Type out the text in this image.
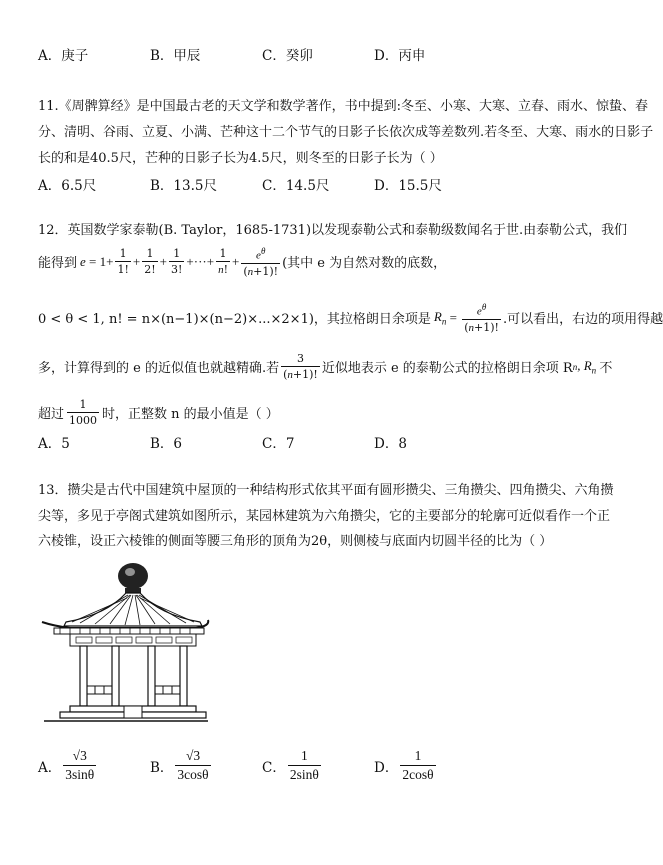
A．庚子	B．甲辰	C．癸卯	D．丙申
11.《周髀算经》是中国最古老的天文学和数学著作，书中提到:冬至、小寒、大寒、立春、雨水、惊蛰、春
分、清明、谷雨、立夏、小满、芒种这十二个节气的日影子长依次成等差数列.若冬至、大寒、雨水的日影子
长的和是40.5尺，芒种的日影子长为4.5尺，则冬至的日影子长为（ ）
A．6.5尺	B．13.5尺	C．14.5尺	D．15.5尺
12．英国数学家泰勒(B. Taylor，1685-1731)以发现泰勒公式和泰勒级数闻名于世.由泰勒公式，我们
能得到 $e = 1+ \frac{1}{1!} + \frac{1}{2!} + \frac{1}{3!}$ +···+ $\frac{1}{n!} + \frac{e^\theta}{(n+1)!}$ (其中 e 为自然对数的底数，
0 < θ < 1, n! = n×(n−1)×(n−2)×...×2×1)，其拉格朗日余项是 $R_n = \frac{e^\theta}{(n+1)!}$ .可以看出，右边的项用得越
多，计算得到的 e 的近似值也就越精确.若 $\frac{3}{(n+1)!}$ 近似地表示 e 的泰勒公式的拉格朗日余项 R n , $R_n$ 不
超过 $\frac{1}{1000}$ 时，正整数 n 的最小值是（ ）
A．5	B．6	C．7	D．8
13．攒尖是古代中国建筑中屋顶的一种结构形式依其平面有圆形攒尖、三角攒尖、四角攒尖、六角攒
尖等，多见于亭阁式建筑如图所示，某园林建筑为六角攒尖，它的主要部分的轮廓可近似看作一个正
六棱锥，设正六棱锥的侧面等腰三角形的顶角为2θ，则侧棱与底面内切圆半径的比为（ ）
A． $\frac{√3}{3\sin\theta}$	B． $\frac{√3}{3\cos\theta}$	C． $\frac{1}{2\sin\theta}$	D． $\frac{1}{2\cos\theta}$
